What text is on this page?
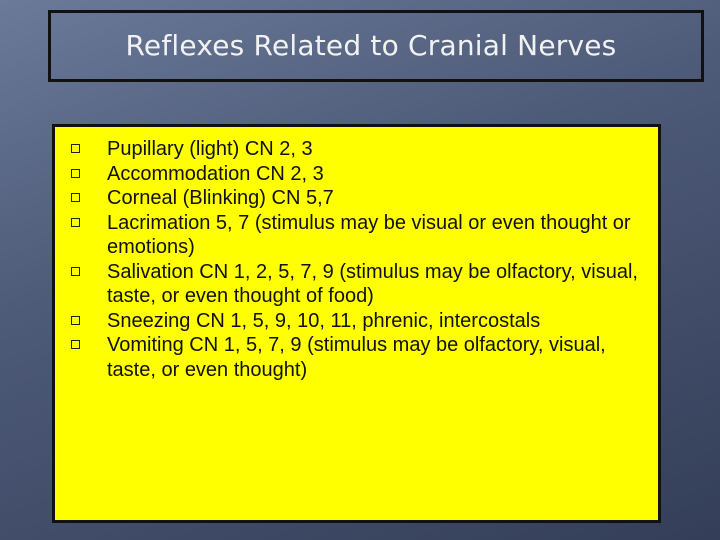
Reflexes Related to Cranial Nerves
Pupillary (light) CN 2, 3
Accommodation CN 2, 3
Corneal (Blinking) CN 5,7
Lacrimation 5, 7 (stimulus may be visual or even thought or emotions)
Salivation CN 1, 2, 5, 7, 9 (stimulus may be olfactory, visual, taste, or even thought of food)
Sneezing CN 1, 5, 9, 10, 11, phrenic, intercostals
Vomiting CN 1, 5, 7, 9 (stimulus may be olfactory, visual, taste, or even thought)
